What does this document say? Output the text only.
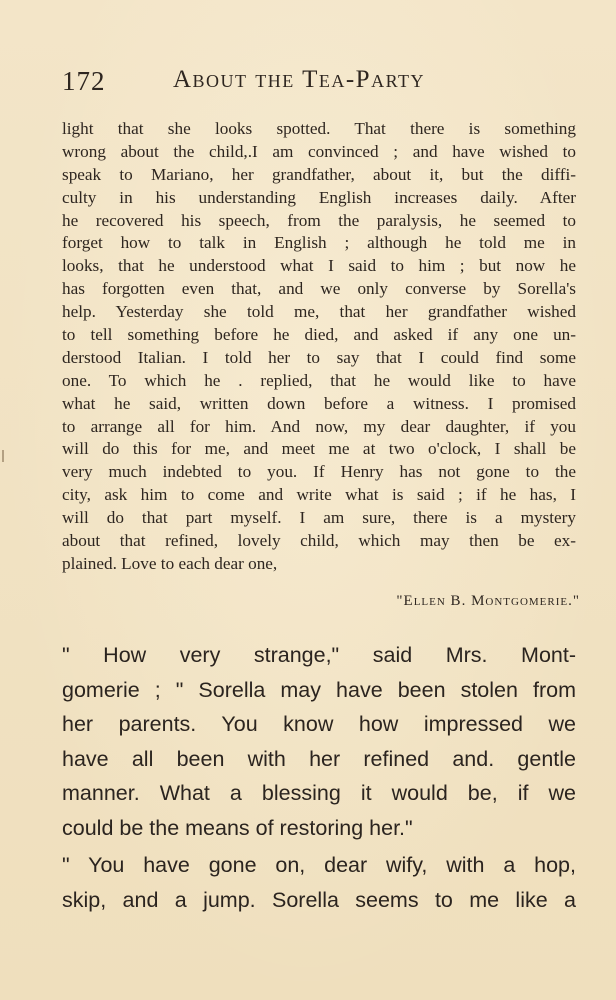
172	About the Tea-Party
light that she looks spotted. That there is something
wrong about the child,.I am convinced ; and have wished to
speak to Mariano, her grandfather, about it, but the diffi-
culty in his understanding English increases daily. After
he recovered his speech, from the paralysis, he seemed to
forget how to talk in English ; although he told me in
looks, that he understood what I said to him ; but now he
has forgotten even that, and we only converse by Sorella's
help. Yesterday she told me, that her grandfather wished
to tell something before he died, and asked if any one un-
derstood Italian. I told her to say that I could find some
one. To which he . replied, that he would like to have
what he said, written down before a witness. I promised
to arrange all for him. And now, my dear daughter, if you
will do this for me, and meet me at two o'clock, I shall be
very much indebted to you. If Henry has not gone to the
city, ask him to come and write what is said ; if he has, I
will do that part myself. I am sure, there is a mystery
about that refined, lovely child, which may then be ex-
plained. Love to each dear one,
"Ellen B. Montgomerie."
" How very strange," said Mrs. Mont-
gomerie ; " Sorella may have been stolen from
her parents. You know how impressed we
have all been with her refined and. gentle
manner. What a blessing it would be, if we
could be the means of restoring her."
" You have gone on, dear wify, with a hop,
skip, and a jump. Sorella seems to me like a
